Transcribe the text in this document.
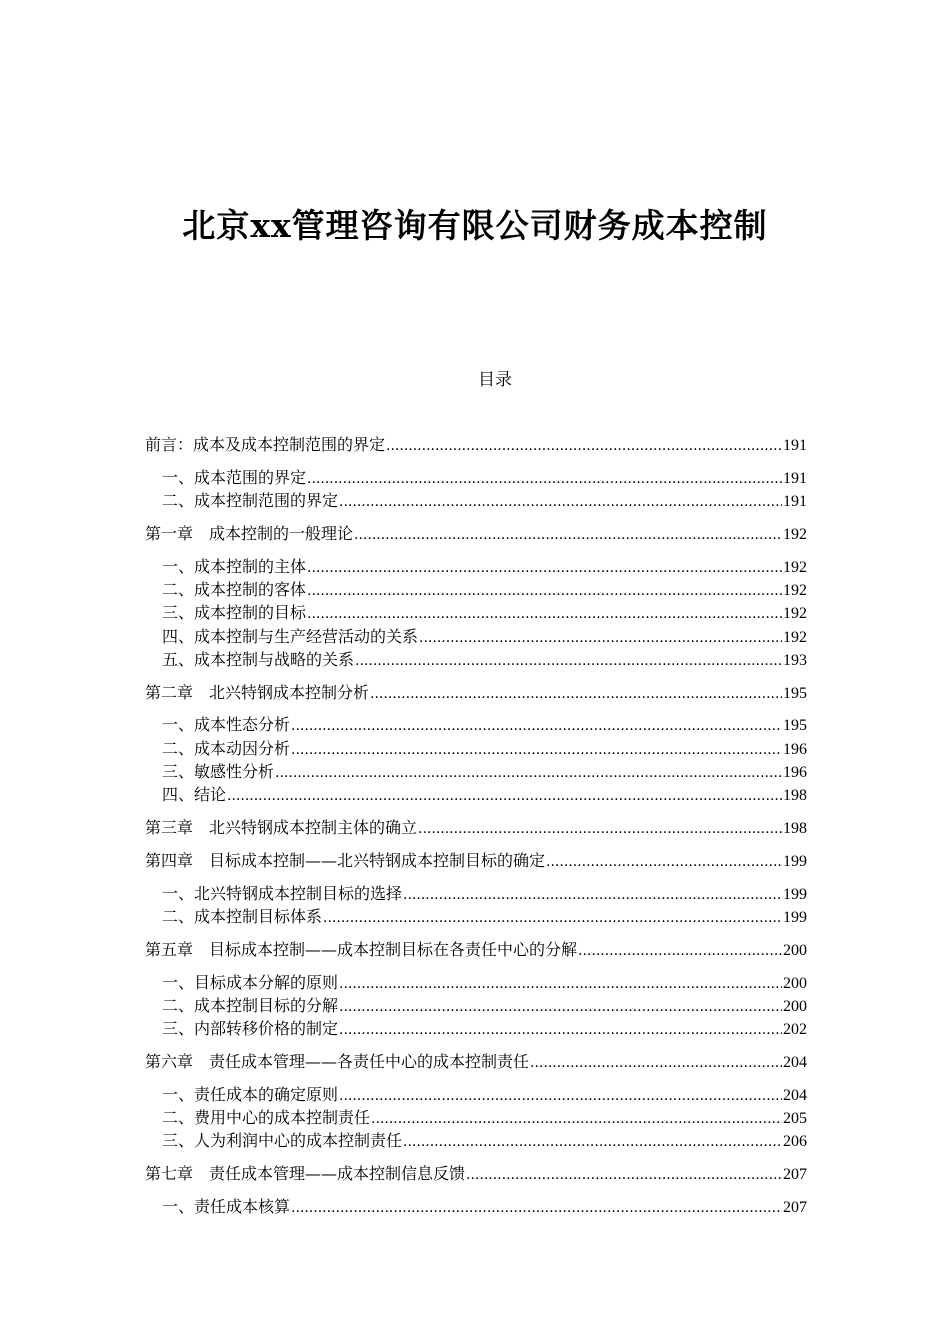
北京xx管理咨询有限公司财务成本控制
目录
前言：成本及成本控制范围的界定 .....	191
一、成本范围的界定 .....	191
二、成本控制范围的界定 .....	191
第一章　成本控制的一般理论 .....	192
一、成本控制的主体 .....	192
二、成本控制的客体 .....	192
三、成本控制的目标 .....	192
四、成本控制与生产经营活动的关系 .....	192
五、成本控制与战略的关系 .....	193
第二章　北兴特钢成本控制分析 .....	195
一、成本性态分析 .....	195
二、成本动因分析 .....	196
三、敏感性分析 .....	196
四、结论 .....	198
第三章　北兴特钢成本控制主体的确立 .....	198
第四章　目标成本控制——北兴特钢成本控制目标的确定 .....	199
一、北兴特钢成本控制目标的选择 .....	199
二、成本控制目标体系 .....	199
第五章　目标成本控制——成本控制目标在各责任中心的分解 .....	200
一、目标成本分解的原则 .....	200
二、成本控制目标的分解 .....	200
三、内部转移价格的制定 .....	202
第六章　责任成本管理——各责任中心的成本控制责任 .....	204
一、责任成本的确定原则 .....	204
二、费用中心的成本控制责任 .....	205
三、人为利润中心的成本控制责任 .....	206
第七章　责任成本管理——成本控制信息反馈 .....	207
一、责任成本核算 .....	207
